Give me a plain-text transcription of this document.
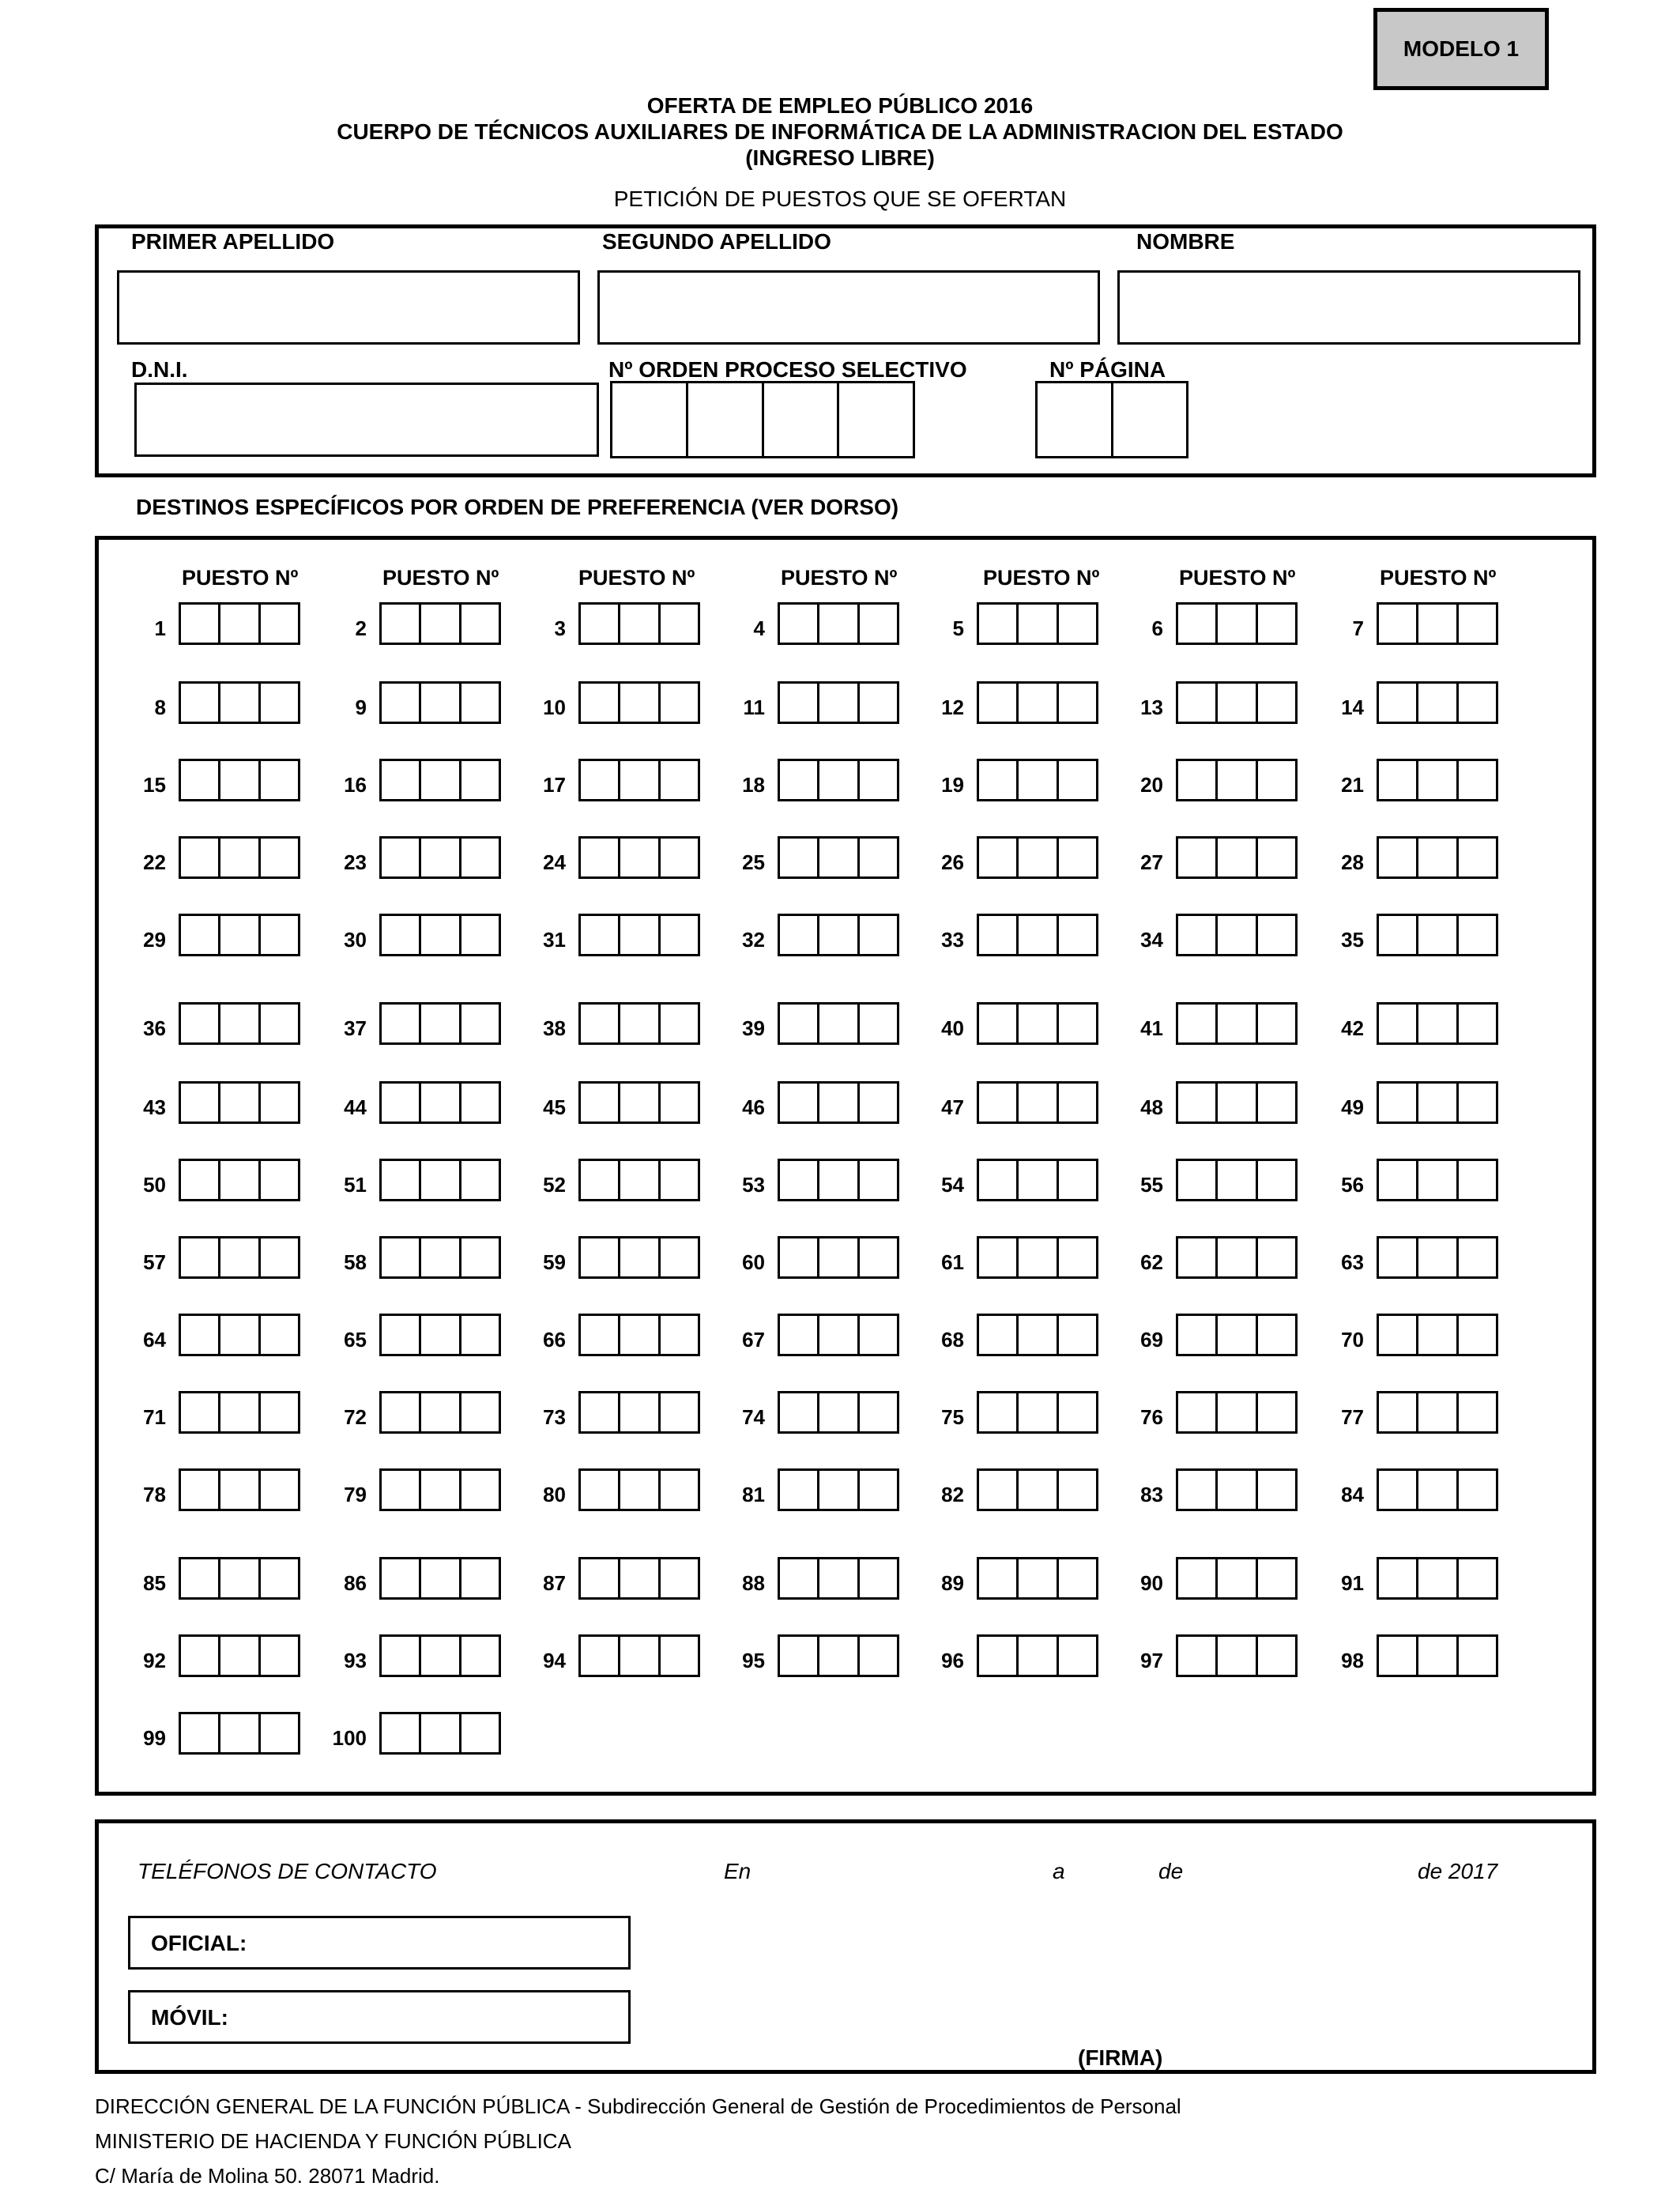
MODELO 1
OFERTA DE EMPLEO PÚBLICO 2016
CUERPO DE TÉCNICOS AUXILIARES DE INFORMÁTICA DE LA ADMINISTRACION DEL ESTADO
(INGRESO LIBRE)
PETICIÓN DE PUESTOS QUE SE OFERTAN
PRIMER APELLIDO	SEGUNDO APELLIDO	NOMBRE
D.N.I.	Nº ORDEN PROCESO SELECTIVO	Nº PÁGINA
DESTINOS ESPECÍFICOS POR ORDEN DE PREFERENCIA (VER DORSO)
TELÉFONOS DE CONTACTO	En	a	de	de 2017
OFICIAL:
MÓVIL:
(FIRMA)
DIRECCIÓN GENERAL DE LA FUNCIÓN PÚBLICA - Subdirección General de Gestión de Procedimientos de Personal
MINISTERIO DE HACIENDA Y FUNCIÓN PÚBLICA
C/ María de Molina 50. 28071 Madrid.
PUESTO Nº	PUESTO Nº	PUESTO Nº	PUESTO Nº	PUESTO Nº	PUESTO Nº	PUESTO Nº
1	2	3	4	5	6	7
8	9	10	11	12	13	14
15	16	17	18	19	20	21
22	23	24	25	26	27	28
29	30	31	32	33	34	35
36	37	38	39	40	41	42
43	44	45	46	47	48	49
50	51	52	53	54	55	56
57	58	59	60	61	62	63
64	65	66	67	68	69	70
71	72	73	74	75	76	77
78	79	80	81	82	83	84
85	86	87	88	89	90	91
92	93	94	95	96	97	98
99	100
